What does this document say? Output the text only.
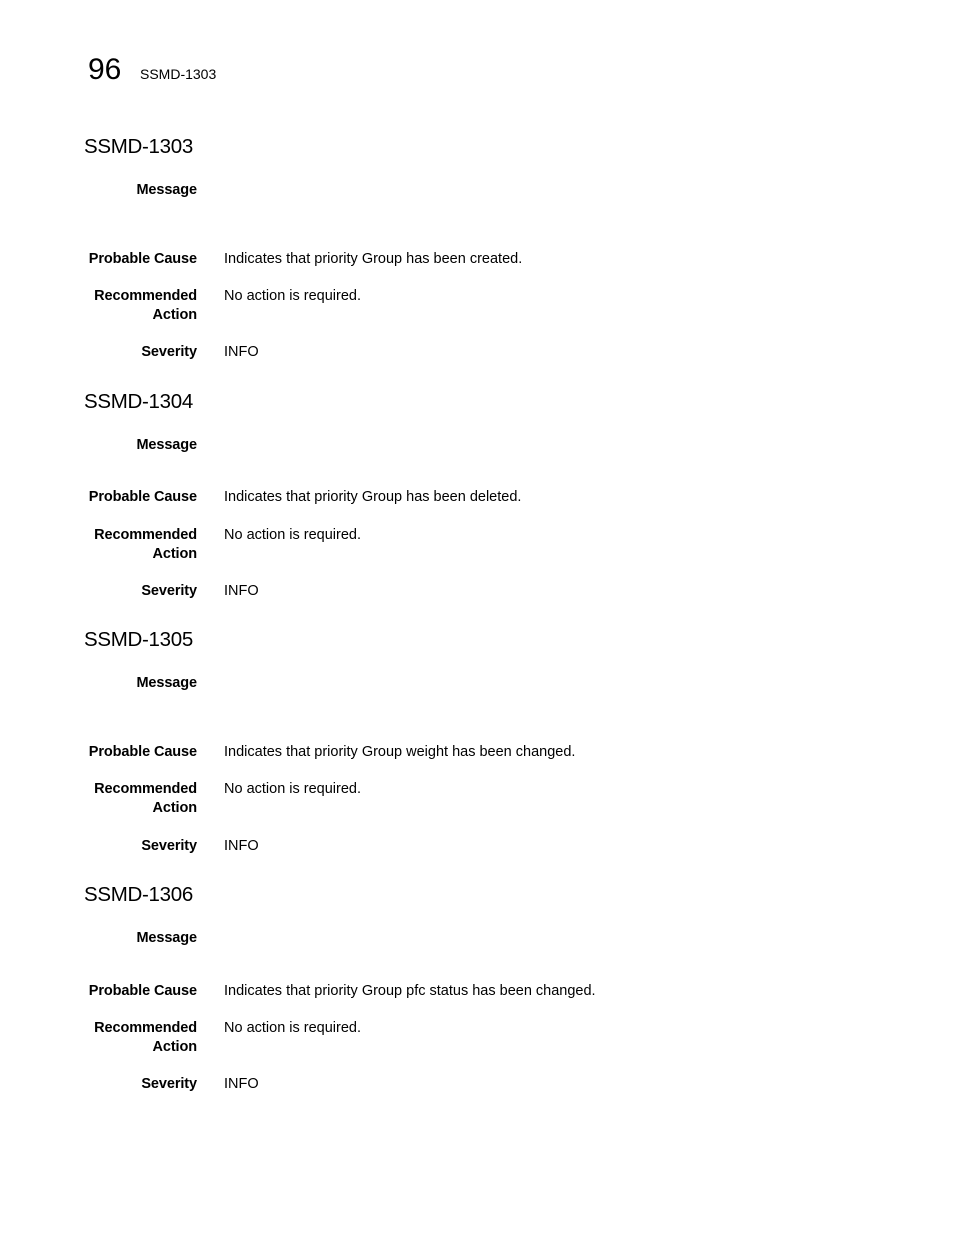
96 SSMD-1303
SSMD-1303
Message
Probable Cause Indicates that priority Group has been created.
Recommended
Action
No action is required.
Severity INFO
SSMD-1304
Message
Probable Cause Indicates that priority Group has been deleted.
Recommended
Action
No action is required.
Severity INFO
SSMD-1305
Message
Probable Cause Indicates that priority Group weight has been changed.
Recommended
Action
No action is required.
Severity INFO
SSMD-1306
Message
Probable Cause Indicates that priority Group pfc status has been changed.
Recommended
Action
No action is required.
Severity INFO
